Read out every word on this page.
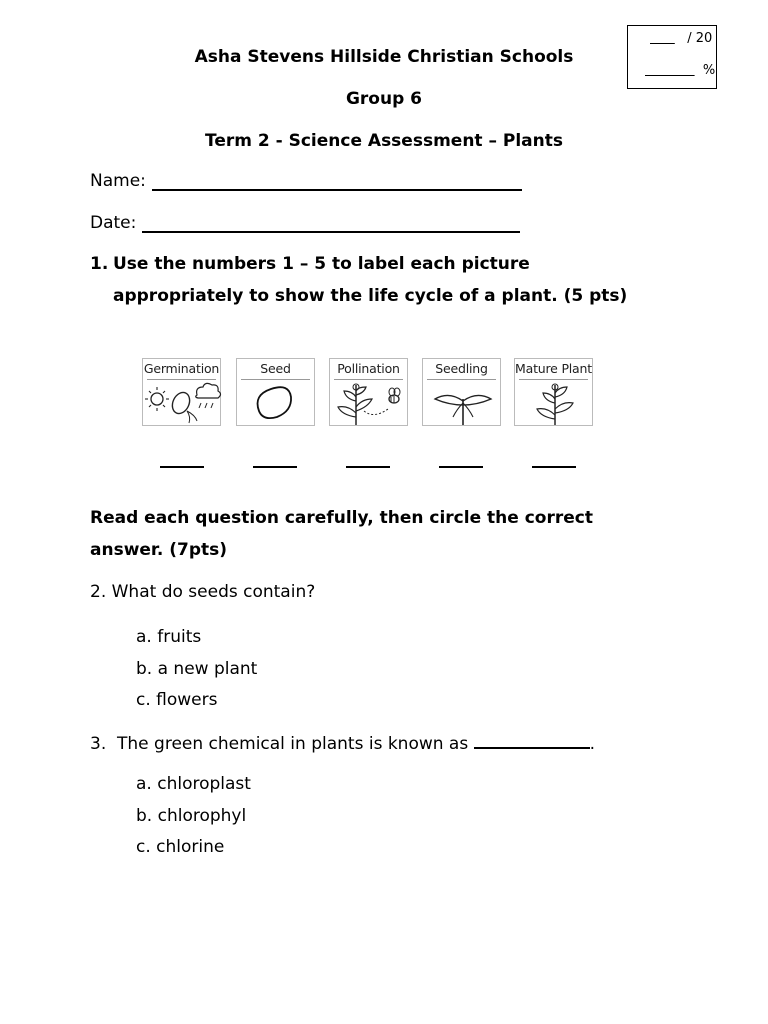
/ 20
%
Asha Stevens Hillside Christian Schools
Group 6
Term 2 - Science Assessment – Plants
Name:
Date:
1. Use the numbers 1 – 5 to label each picture
appropriately to show the life cycle of a plant. (5 pts)
Germination	Seed	Pollination	Seedling	Mature Plant
Read each question carefully, then circle the correct
answer. (7pts)
2. What do seeds contain?
a. fruits
b. a new plant
c. flowers
3.  The green chemical in plants is known as	.
a. chloroplast
b. chlorophyl
c. chlorine
